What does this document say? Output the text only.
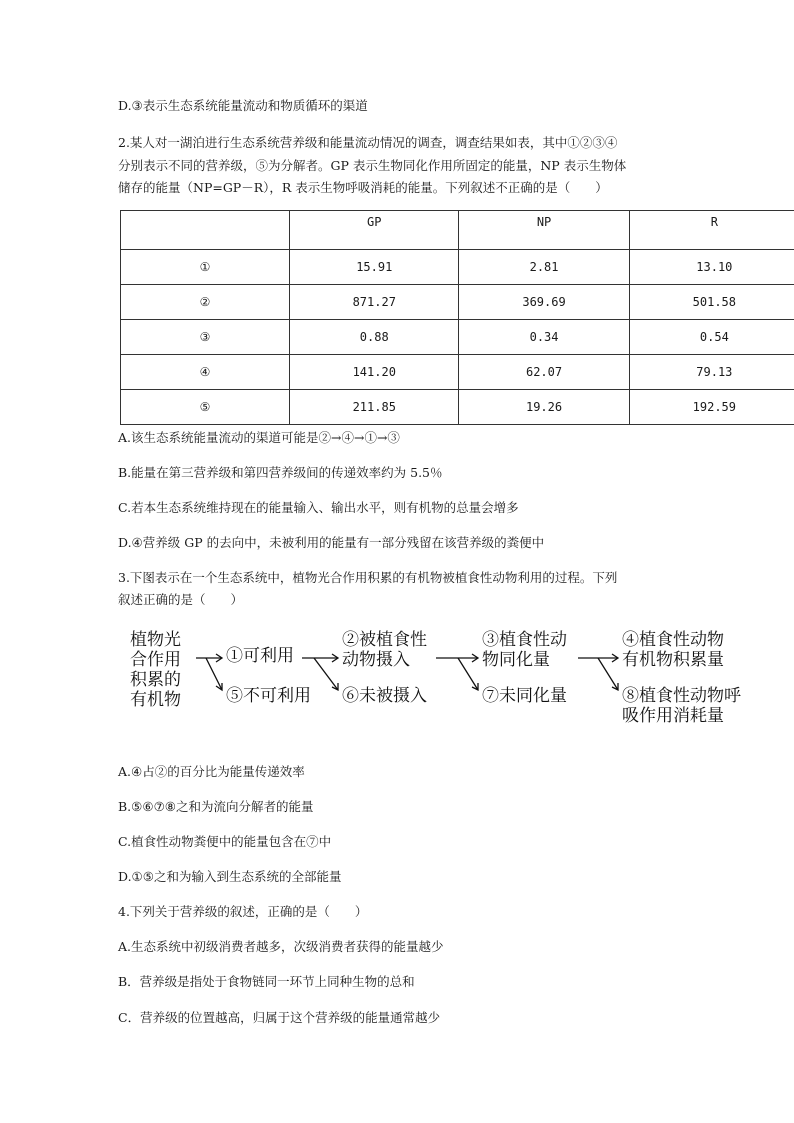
D.③表示生态系统能量流动和物质循环的渠道
2.某人对一湖泊进行生态系统营养级和能量流动情况的调查，调查结果如表，其中①②③④
分别表示不同的营养级，⑤为分解者。GP 表示生物同化作用所固定的能量，NP 表示生物体
储存的能量（NP=GP－R），R 表示生物呼吸消耗的能量。下列叙述不正确的是（　　）
	GP	NP	R
①	15.91	2.81	13.10
②	871.27	369.69	501.58
③	0.88	0.34	0.54
④	141.20	62.07	79.13
⑤	211.85	19.26	192.59
A.该生态系统能量流动的渠道可能是②→④→①→③
B.能量在第三营养级和第四营养级间的传递效率约为 5.5％
C.若本生态系统维持现在的能量输入、输出水平，则有机物的总量会增多
D.④营养级 GP 的去向中，未被利用的能量有一部分残留在该营养级的粪便中
3.下图表示在一个生态系统中，植物光合作用积累的有机物被植食性动物利用的过程。下列
叙述正确的是（　　）
植物光
合作用
积累的
有机物
①可利用
⑤不可利用
②被植食性
动物摄入
⑥未被摄入
③植食性动
物同化量
⑦未同化量
④植食性动物
有机物积累量
⑧植食性动物呼
吸作用消耗量
A.④占②的百分比为能量传递效率
B.⑤⑥⑦⑧之和为流向分解者的能量
C.植食性动物粪便中的能量包含在⑦中
D.①⑤之和为输入到生态系统的全部能量
4.下列关于营养级的叙述，正确的是（　　）
A.生态系统中初级消费者越多，次级消费者获得的能量越少
B．营养级是指处于食物链同一环节上同种生物的总和
C．营养级的位置越高，归属于这个营养级的能量通常越少
